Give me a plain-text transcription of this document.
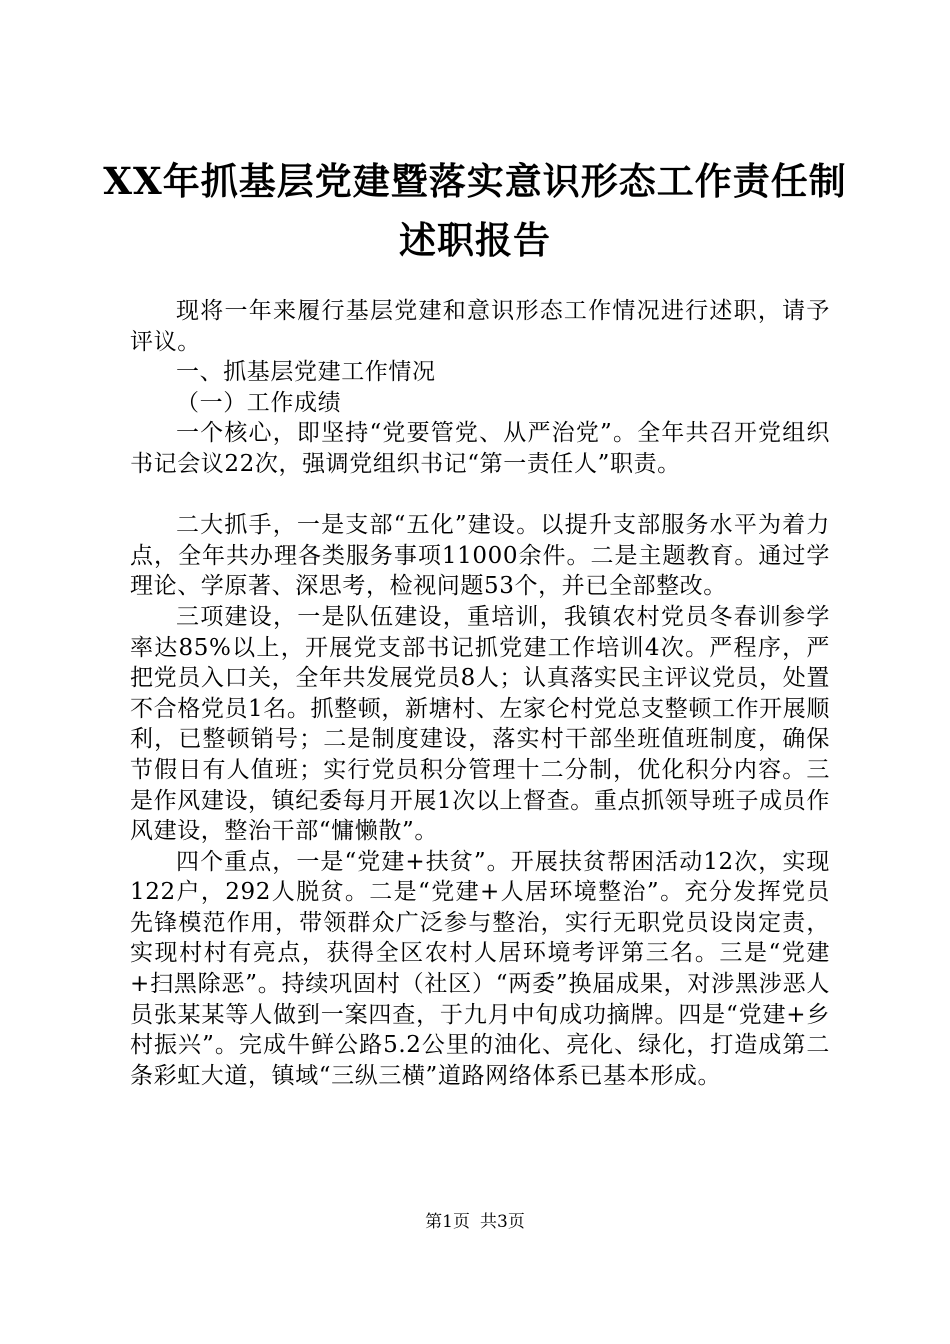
XX年抓基层党建暨落实意识形态工作责任制
述职报告

现将一年来履行基层党建和意识形态工作情况进行述职，请予评议。

一、抓基层党建工作情况

（一）工作成绩

一个核心，即坚持“党要管党、从严治党”。全年共召开党组织书记会议22次，强调党组织书记“第一责任人”职责。

二大抓手，一是支部“五化”建设。以提升支部服务水平为着力点，全年共办理各类服务事项11000余件。二是主题教育。通过学理论、学原著、深思考，检视问题53个，并已全部整改。

三项建设，一是队伍建设，重培训，我镇农村党员冬春训参学率达85%以上，开展党支部书记抓党建工作培训4次。严程序，严把党员入口关，全年共发展党员8人；认真落实民主评议党员，处置不合格党员1名。抓整顿，新塘村、左家仑村党总支整顿工作开展顺利，已整顿销号；二是制度建设，落实村干部坐班值班制度，确保节假日有人值班；实行党员积分管理十二分制，优化积分内容。三是作风建设，镇纪委每月开展1次以上督查。重点抓领导班子成员作风建设，整治干部“慵懒散”。

四个重点，一是“党建+扶贫”。开展扶贫帮困活动12次，实现122户，292人脱贫。二是“党建+人居环境整治”。充分发挥党员先锋模范作用，带领群众广泛参与整治，实行无职党员设岗定责，实现村村有亮点，获得全区农村人居环境考评第三名。三是“党建+扫黑除恶”。持续巩固村（社区）“两委”换届成果，对涉黑涉恶人员张某某等人做到一案四查，于九月中旬成功摘牌。四是“党建+乡村振兴”。完成牛鲜公路5.2公里的油化、亮化、绿化，打造成第二条彩虹大道，镇域“三纵三横”道路网络体系已基本形成。

第1页 共3页
